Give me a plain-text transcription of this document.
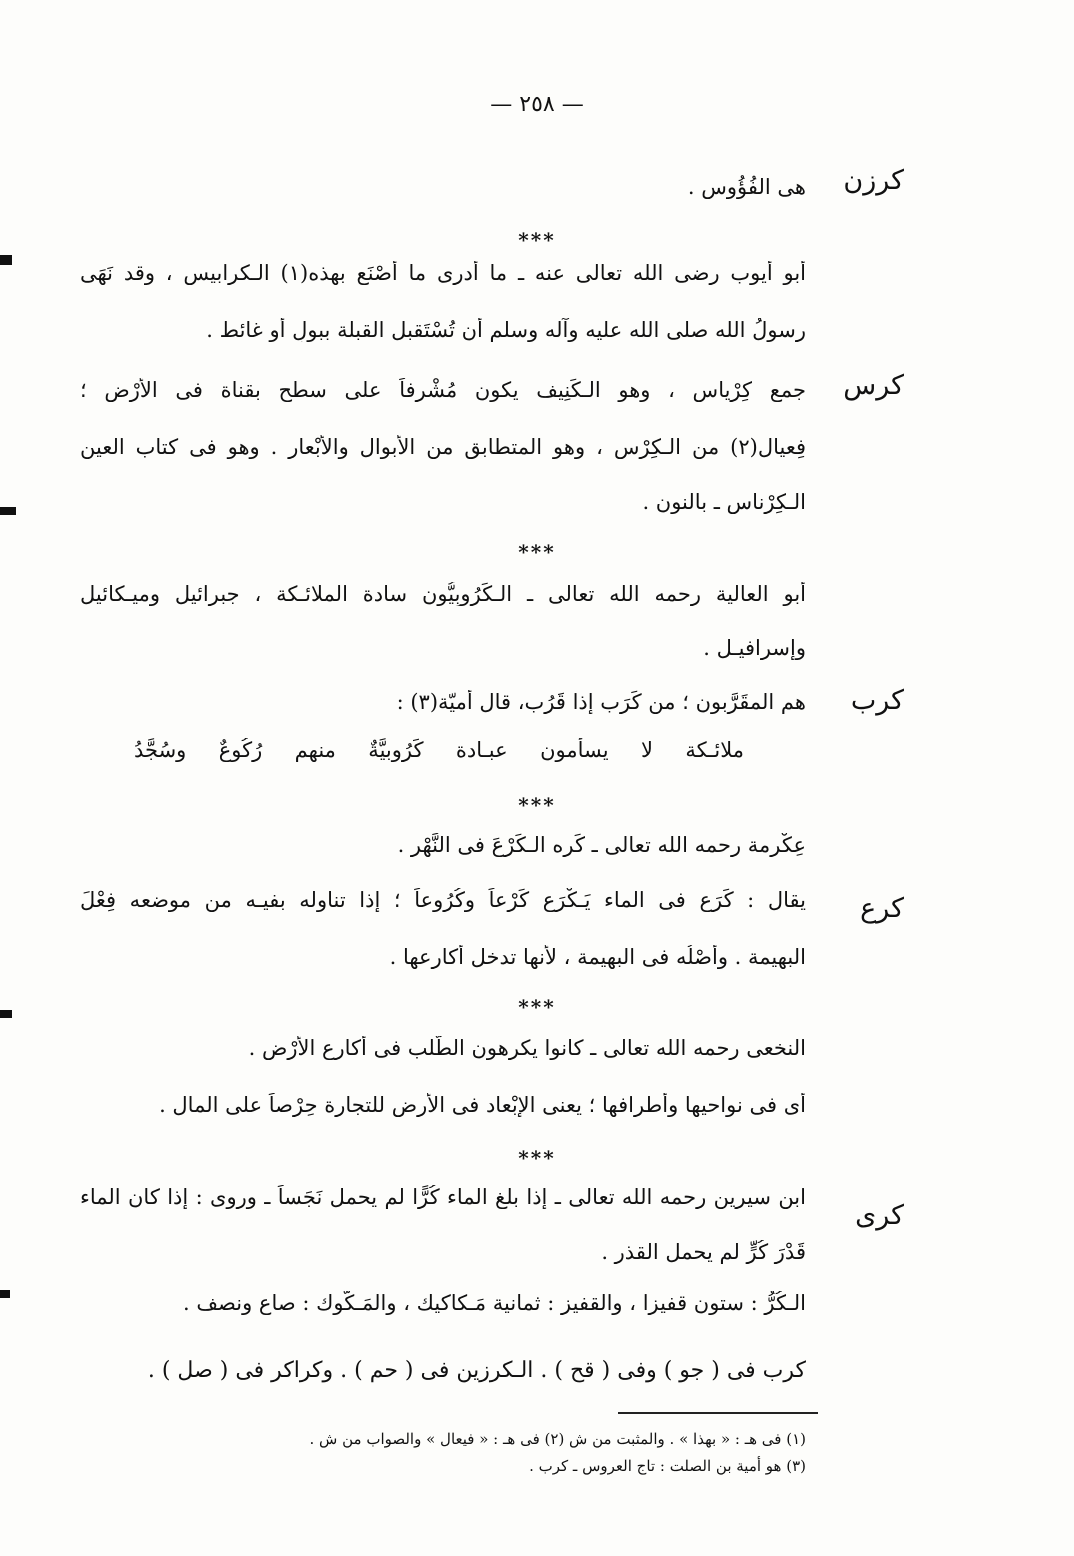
— ٢٥٨ —
كرزن
هى الفُؤُوس .
***
أبو أيوب رضى الله تعالى عنه ـ ما أدرى ما أَصْنَع بهذه(١) الـكرابيس ، وقد نَهَى
رسولُ الله صلى الله عليه وآله وسلم أن تُسْتَقبل القبلة ببولٍ أو غائط .
كرس
جمع كِرْياس ، وهو الـكَنِيف يكون مُشْرِفاً على سطحٍ بقناة فى الأَرْض ؛
فِعيال(٢) من الـكِرْس ، وهو المتطابق من الأبوال والأَبْعار . وهو فى كتاب العين
الـكِرْناس ـ بالنون .
***
أبو العالية رحمه الله تعالى ـ الـكَرُوبِيُّون سادة الملائـكة ، جبرائيل وميـكائيل
وإسرافيـل .
كرب
هم المقَرَّبون ؛ من كَرَب إذا قَرُب، قال أُميّة(٣) :
ملائـكة لا يسأمون عبـادة كَرُوبيَّةٌ منهم رُكُوعٌ وسُجَّدُ
***
عِكْرِمة رحمه الله تعالى ـ كَرِه الـكَرْعَ فى النَّهْر .
كرع
يقال : كَرَع فى الماء يَـكْرَع كَرْعاً وكُرُوعاً ؛ إذا تناوله بفيـه من موضعه فِعْلَ
البهيمة . وأصْلُه فى البهيمة ، لأنها تدخل أكارعها .
***
النخعى رحمه الله تعالى ـ كانوا يكرهون الطَّلب فى أكارِعِ الأَرْضِ .
أى فى نواحيها وأطرافها ؛ يعنى الإِبْعاد فى الأرض للتجارة حِرْصاً على المال .
***
كرى
ابن سيرين رحمه الله تعالى ـ إذا بلغ الماء كُرًّا لم يحمل نَجَساً ـ وروى : إذا كان الماء
قَدْرَ كُرٍّ لم يحمل القذر .
الـكُرُّ : ستون قفيزا ، والقفيز : ثمانية مَـكاكيك ، والمَـكُّوك : صاع ونصف .
كرب فى ( جو ) وفى ( قح ) . الـكرزين فى ( حم ) . وكراكر فى ( صل ) .
(١) فى هـ : « بهذا » . والمثبت من ش (٢) فى هـ : « فيعال » والصواب من ش .
(٣) هو أمية بن الصلت : تاج العروس ـ كرب .
